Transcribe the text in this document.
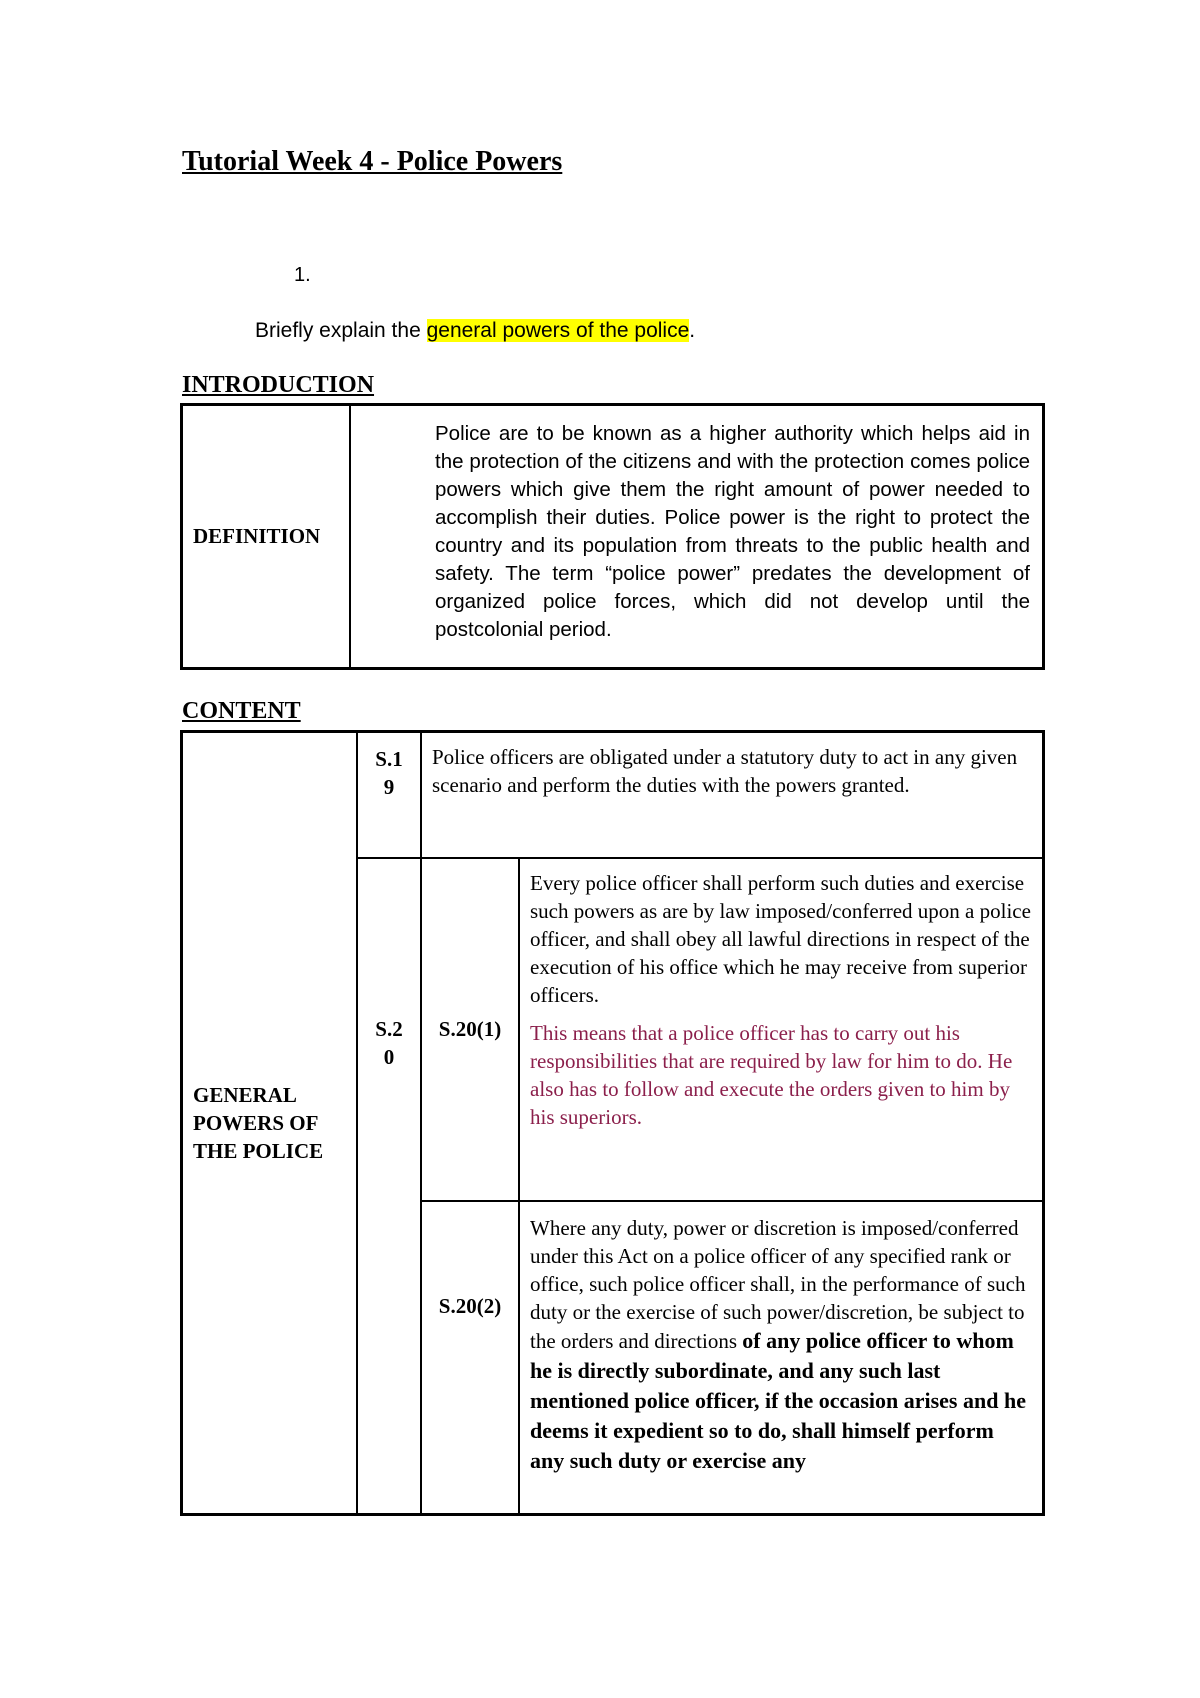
Tutorial Week 4 - Police Powers
1.
Briefly explain the general powers of the police.
INTRODUCTION
DEFINITION	Police are to be known as a higher authority which helps aid in the protection of the citizens and with the protection comes police powers which give them the right amount of power needed to accomplish their duties. Police power is the right to protect the country and its population from threats to the public health and safety. The term “police power” predates the development of organized police forces, which did not develop until the postcolonial period.
CONTENT
GENERAL POWERS OF THE POLICE	S.1 9	Police officers are obligated under a statutory duty to act in any given scenario and perform the duties with the powers granted.	

	S.2 0	S.20(1)	Every police officer shall perform such duties and exercise such powers as are by law imposed/conferred upon a police officer, and shall obey all lawful directions in respect of the execution of his office which he may receive from superior officers.
This means that a police officer has to carry out his responsibilities that are required by law for him to do. He also has to follow and execute the orders given to him by his superiors.

		S.20(2)	Where any duty, power or discretion is imposed/conferred under this Act on a police officer of any specified rank or office, such police officer shall, in the performance of such duty or the exercise of such power/discretion, be subject to the orders and directions of any police officer to whom he is directly subordinate, and any such last mentioned police officer, if the occasion arises and he deems it expedient so to do, shall himself perform any such duty or exercise any
